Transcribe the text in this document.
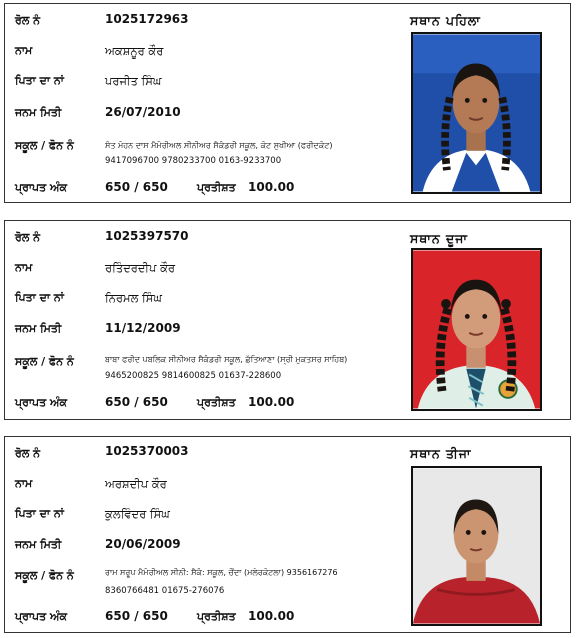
ਰੋਲ ਨੰ	1025172963
ਨਾਮ	ਅਕਸ਼ਨੂਰ ਕੌਰ
ਪਿਤਾ ਦਾ ਨਾਂ	ਪਰਜੀਤ ਸਿੰਘ
ਜਨਮ ਮਿਤੀ	26/07/2010
ਸਕੂਲ / ਫੋਨ ਨੰ	ਸੰਤ ਮੋਹਨ ਦਾਸ ਮੈਮੋਰੀਅਲ ਸੀਨੀਅਰ ਸੈਕੰਡਰੀ ਸਕੂਲ, ਕੋਟ ਸੁਖੀਆ (ਫਰੀਦਕੋਟ)
9417096700 9780233700 0163-9233700
ਪ੍ਰਾਪਤ ਅੰਕ	650 / 650	ਪ੍ਰਤੀਸ਼ਤ 100.00
ਸਥਾਨ ਪਹਿਲਾ
ਰੋਲ ਨੰ	1025397570
ਨਾਮ	ਰਤਿੰਦਰਦੀਪ ਕੌਰ
ਪਿਤਾ ਦਾ ਨਾਂ	ਨਿਰਮਲ ਸਿੰਘ
ਜਨਮ ਮਿਤੀ	11/12/2009
ਸਕੂਲ / ਫੋਨ ਨੰ	ਬਾਬਾ ਫਰੀਦ ਪਬਲਿਕ ਸੀਨੀਅਰ ਸੈਕੰਡਰੀ ਸਕੂਲ, ਛੱਤਿਆਣਾ (ਸ੍ਰੀ ਮੁਕਤਸਰ ਸਾਹਿਬ)
9465200825 9814600825 01637-228600
ਪ੍ਰਾਪਤ ਅੰਕ	650 / 650	ਪ੍ਰਤੀਸ਼ਤ 100.00
ਸਥਾਨ ਦੂਜਾ
ਰੋਲ ਨੰ	1025370003
ਨਾਮ	ਅਰਸ਼ਦੀਪ ਕੌਰ
ਪਿਤਾ ਦਾ ਨਾਂ	ਕੁਲਵਿੰਦਰ ਸਿੰਘ
ਜਨਮ ਮਿਤੀ	20/06/2009
ਸਕੂਲ / ਫੋਨ ਨੰ	ਰਾਮ ਸਰੂਪ ਮੈਮੋਰੀਅਲ ਸੀਨੀ: ਸੈਕੰ: ਸਕੂਲ, ਚੌਂਦਾ (ਮਲੇਰਕੋਟਲਾ) 9356167276
8360766481 01675-276076
ਪ੍ਰਾਪਤ ਅੰਕ	650 / 650	ਪ੍ਰਤੀਸ਼ਤ 100.00
ਸਥਾਨ ਤੀਜਾ
